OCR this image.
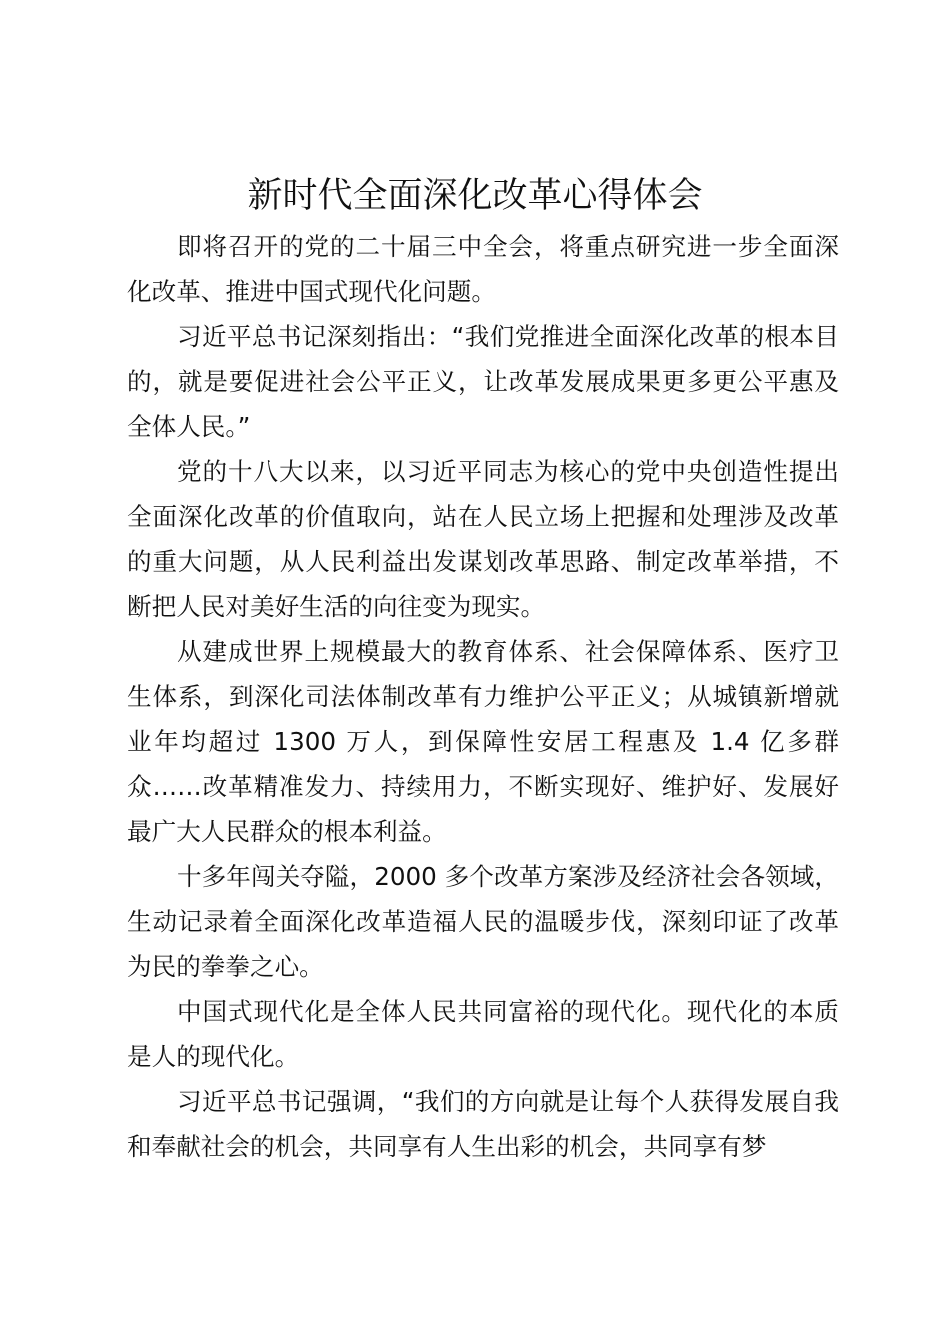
新时代全面深化改革心得体会

即将召开的党的二十届三中全会，将重点研究进一步全面深化改革、推进中国式现代化问题。

习近平总书记深刻指出：“我们党推进全面深化改革的根本目的，就是要促进社会公平正义，让改革发展成果更多更公平惠及全体人民。”

党的十八大以来，以习近平同志为核心的党中央创造性提出全面深化改革的价值取向，站在人民立场上把握和处理涉及改革的重大问题，从人民利益出发谋划改革思路、制定改革举措，不断把人民对美好生活的向往变为现实。

从建成世界上规模最大的教育体系、社会保障体系、医疗卫生体系，到深化司法体制改革有力维护公平正义；从城镇新增就业年均超过 1300 万人，到保障性安居工程惠及 1.4 亿多群众……改革精准发力、持续用力，不断实现好、维护好、发展好最广大人民群众的根本利益。

十多年闯关夺隘，2000 多个改革方案涉及经济社会各领域，生动记录着全面深化改革造福人民的温暖步伐，深刻印证了改革为民的拳拳之心。

中国式现代化是全体人民共同富裕的现代化。现代化的本质是人的现代化。

习近平总书记强调，“我们的方向就是让每个人获得发展自我和奉献社会的机会，共同享有人生出彩的机会，共同享有梦
